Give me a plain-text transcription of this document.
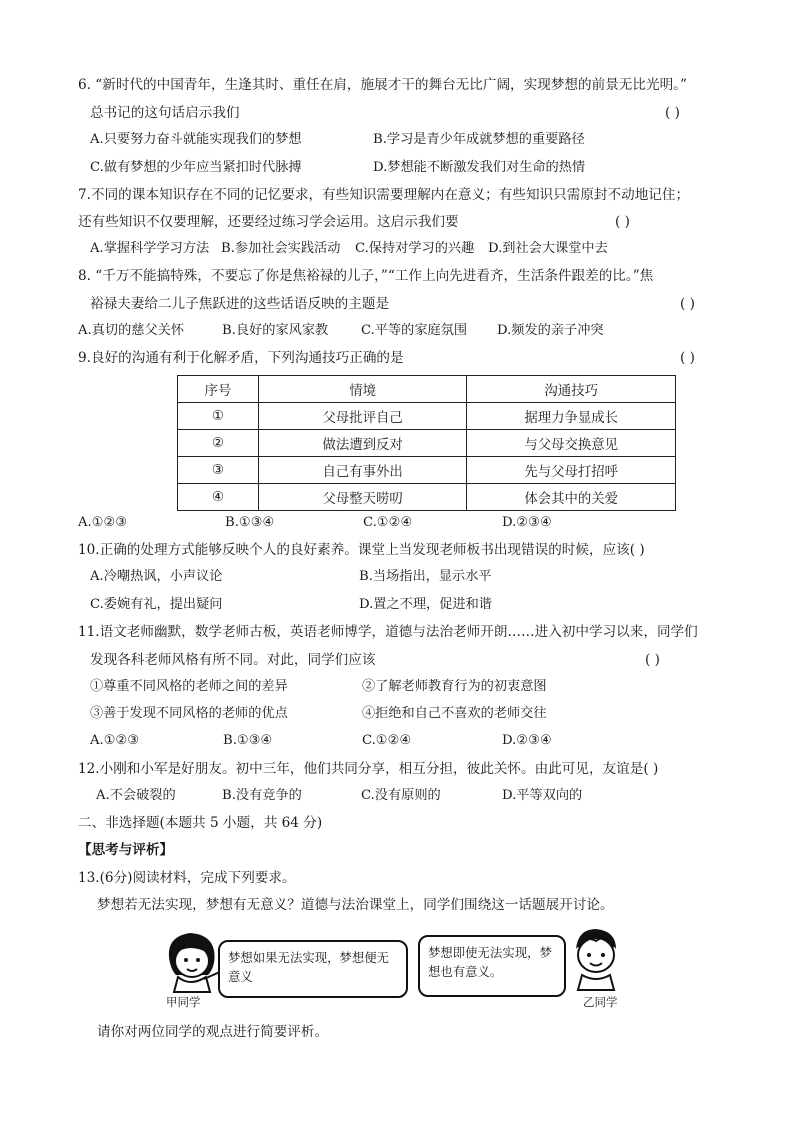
6. “新时代的中国青年，生逢其时、重任在肩，施展才干的舞台无比广阔，实现梦想的前景无比光明。”
总书记的这句话启示我们	( )
A.只要努力奋斗就能实现我们的梦想	B.学习是青少年成就梦想的重要路径
C.做有梦想的少年应当紧扣时代脉搏	D.梦想能不断激发我们对生命的热情
7.不同的课本知识存在不同的记忆要求，有些知识需要理解内在意义；有些知识只需原封不动地记住；
还有些知识不仅要理解，还要经过练习学会运用。这启示我们要	( )
A.掌握科学学习方法 B.参加社会实践活动 C.保持对学习的兴趣 D.到社会大课堂中去
8. “千万不能搞特殊，不要忘了你是焦裕禄的儿子，”“工作上向先进看齐，生活条件跟差的比。”焦
裕禄夫妻给二儿子焦跃进的这些话语反映的主题是	( )
A.真切的慈父关怀	B.良好的家风家教 C.平等的家庭氛围 D.频发的亲子冲突
9.良好的沟通有利于化解矛盾，下列沟通技巧正确的是	( )
序号	情境	沟通技巧
①	父母批评自己	据理力争显成长
②	做法遭到反对	与父母交换意见
③	自己有事外出	先与父母打招呼
④	父母整天唠叨	体会其中的关爱
A.①②③	B.①③④	C.①②④	D.②③④
10.正确的处理方式能够反映个人的良好素养。课堂上当发现老师板书出现错误的时候，应该( )
A.冷嘲热讽，小声议论	B.当场指出，显示水平
C.委婉有礼，提出疑问	D.置之不理，促进和谐
11.语文老师幽默，数学老师古板，英语老师博学，道德与法治老师开朗……进入初中学习以来，同学们
发现各科老师风格有所不同。对此，同学们应该	( )
①尊重不同风格的老师之间的差异	②了解老师教育行为的初衷意图
③善于发现不同风格的老师的优点	④拒绝和自己不喜欢的老师交往
A.①②③	B.①③④	C.①②④	D.②③④
12.小刚和小军是好朋友。初中三年，他们共同分享，相互分担，彼此关怀。由此可见，友谊是( )
A.不会破裂的	B.没有竞争的	C.没有原则的	D.平等双向的
二、非选择题(本题共 5 小题，共 64 分)
【思考与评析】
13.(6分)阅读材料，完成下列要求。
梦想若无法实现，梦想有无意义？道德与法治课堂上，同学们围绕这一话题展开讨论。
甲同学
梦想如果无法实现，梦想便无意义
梦想即使无法实现，梦想也有意义。
乙同学
请你对两位同学的观点进行简要评析。
